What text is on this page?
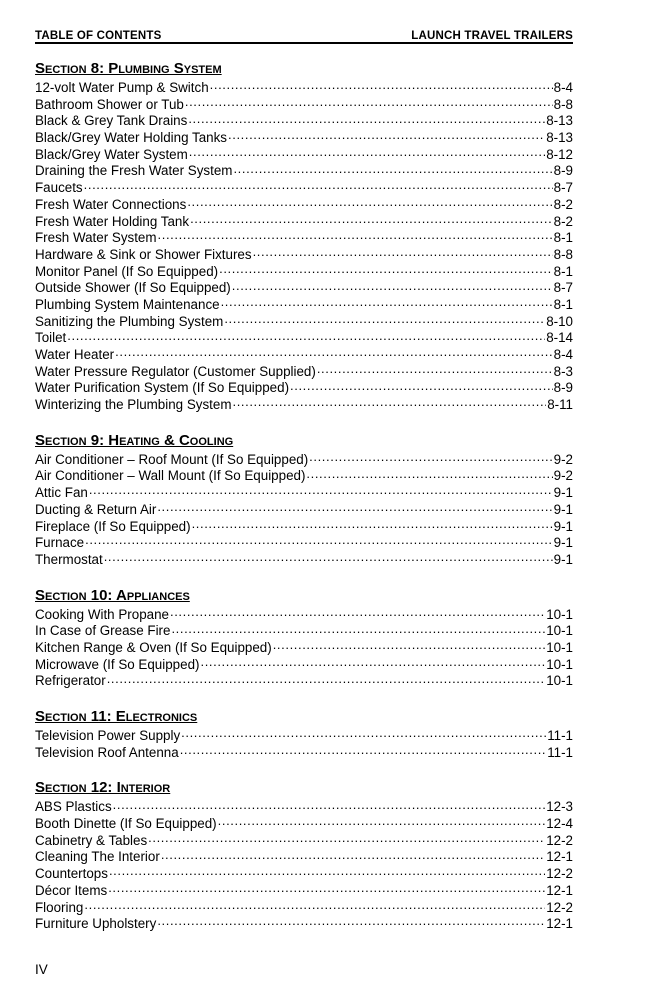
TABLE OF CONTENTS	LAUNCH TRAVEL TRAILERS
Section 8: Plumbing System
12-volt Water Pump & Switch .....	8-4
Bathroom Shower or Tub .....	8-8
Black & Grey Tank Drains .....	8-13
Black/Grey Water Holding Tanks .....	8-13
Black/Grey Water System .....	8-12
Draining the Fresh Water System .....	8-9
Faucets .....	8-7
Fresh Water Connections .....	8-2
Fresh Water Holding Tank .....	8-2
Fresh Water System .....	8-1
Hardware & Sink or Shower Fixtures .....	8-8
Monitor Panel (If So Equipped) .....	8-1
Outside Shower (If So Equipped) .....	8-7
Plumbing System Maintenance .....	8-1
Sanitizing the Plumbing System .....	8-10
Toilet .....	8-14
Water Heater .....	8-4
Water Pressure Regulator (Customer Supplied) .....	8-3
Water Purification System (If So Equipped) .....	8-9
Winterizing the Plumbing System .....	8-11
Section 9: Heating & Cooling
Air Conditioner – Roof Mount (If So Equipped) .....	9-2
Air Conditioner – Wall Mount (If So Equipped) .....	9-2
Attic Fan .....	9-1
Ducting & Return Air .....	9-1
Fireplace (If So Equipped) .....	9-1
Furnace .....	9-1
Thermostat .....	9-1
Section 10: Appliances
Cooking With Propane .....	10-1
In Case of Grease Fire .....	10-1
Kitchen Range & Oven (If So Equipped) .....	10-1
Microwave (If So Equipped) .....	10-1
Refrigerator .....	10-1
Section 11: Electronics
Television Power Supply .....	11-1
Television Roof Antenna .....	11-1
Section 12: Interior
ABS Plastics .....	12-3
Booth Dinette (If So Equipped) .....	12-4
Cabinetry & Tables .....	12-2
Cleaning The Interior .....	12-1
Countertops .....	12-2
Décor Items .....	12-1
Flooring .....	12-2
Furniture Upholstery .....	12-1
IV
